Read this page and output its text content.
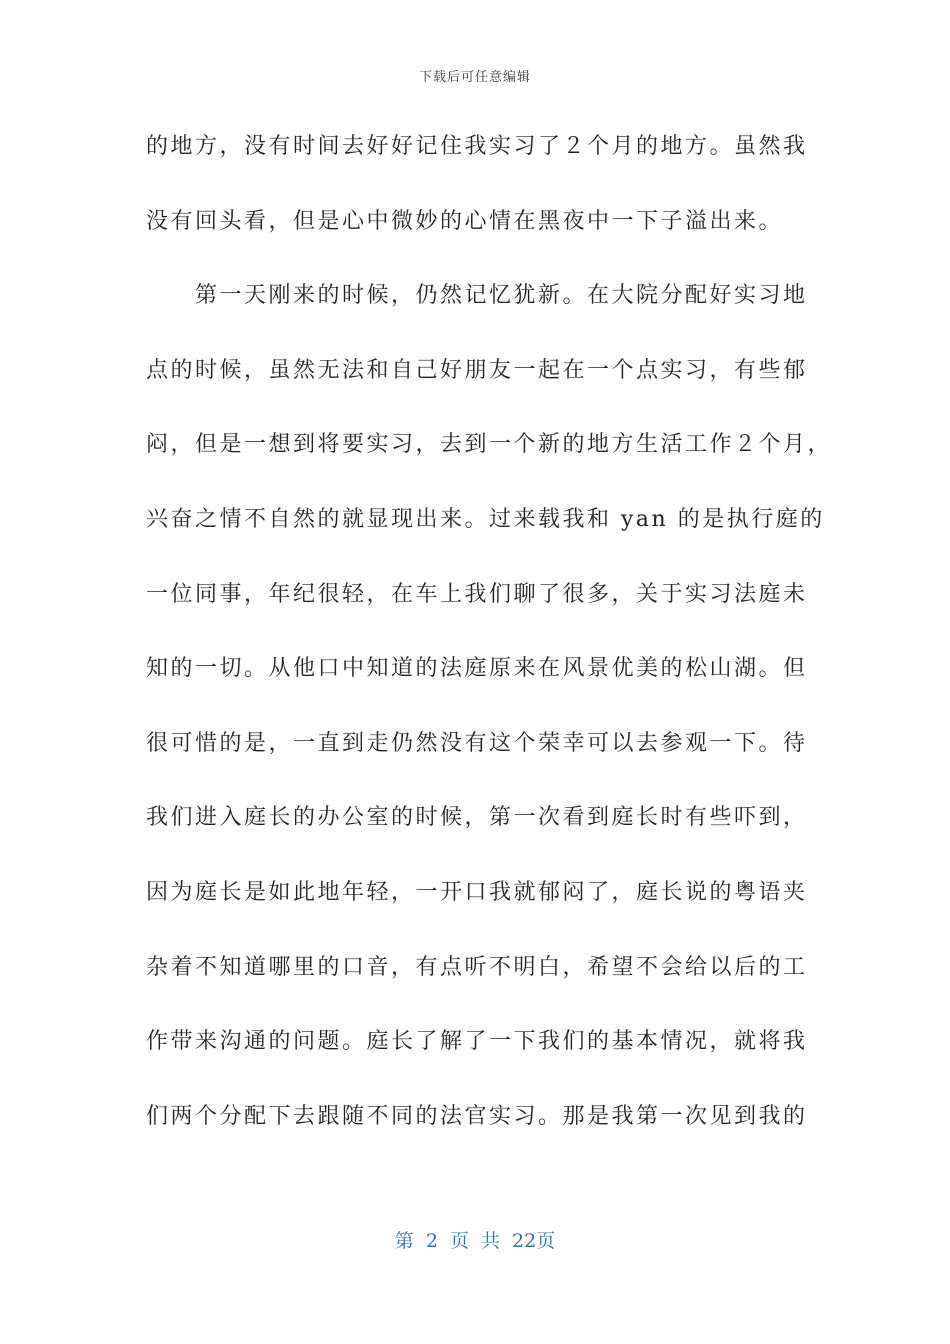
下载后可任意编辑
的地方，没有时间去好好记住我实习了２个月的地方。虽然我
没有回头看，但是心中微妙的心情在黑夜中一下子溢出来。
　　第一天刚来的时候，仍然记忆犹新。在大院分配好实习地
点的时候，虽然无法和自己好朋友一起在一个点实习，有些郁
闷，但是一想到将要实习，去到一个新的地方生活工作２个月，
兴奋之情不自然的就显现出来。过来载我和 yan 的是执行庭的
一位同事，年纪很轻，在车上我们聊了很多，关于实习法庭未
知的一切。从他口中知道的法庭原来在风景优美的松山湖。但
很可惜的是，一直到走仍然没有这个荣幸可以去参观一下。待
我们进入庭长的办公室的时候，第一次看到庭长时有些吓到，
因为庭长是如此地年轻，一开口我就郁闷了，庭长说的粤语夹
杂着不知道哪里的口音，有点听不明白，希望不会给以后的工
作带来沟通的问题。庭长了解了一下我们的基本情况，就将我
们两个分配下去跟随不同的法官实习。那是我第一次见到我的
第 2 页 共 22页
